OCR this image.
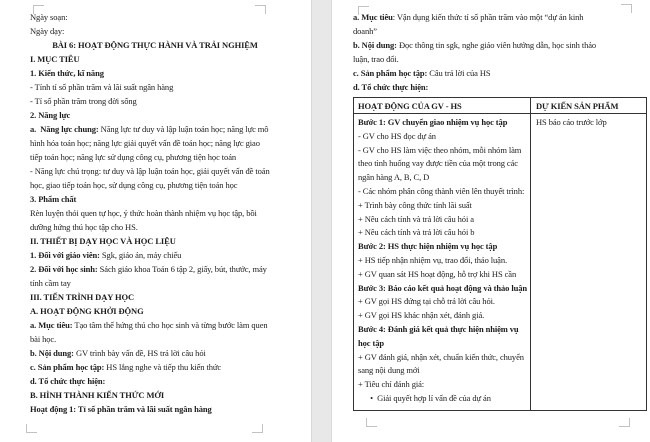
Ngày soạn:
Ngày dạy:
BÀI 6: HOẠT ĐỘNG THỰC HÀNH VÀ TRẢI NGHIỆM
I. MỤC TIÊU
1. Kiến thức, kĩ năng
- Tính tỉ số phần trăm và lãi suất ngân hàng
- Tỉ số phần trăm trong đời sống
2. Năng lực
a.  Năng lực chung: Năng lực tư duy và lập luận toán học; năng lực mô
hình hóa toán học; năng lực giải quyết vấn đề toán học; năng lực giao
tiếp toán học; năng lực sử dụng công cụ, phương tiện học toán
- Năng lực chú trọng: tư duy và lập luận toán học, giải quyết vấn đề toán
học, giao tiếp toán học, sử dụng công cụ, phương tiện toán học
3. Phẩm chất
Rèn luyện thói quen tự học, ý thức hoàn thành nhiệm vụ học tập, bồi
dưỡng hứng thú học tập cho HS.
II. THIẾT BỊ DẠY HỌC VÀ HỌC LIỆU
1. Đối với giáo viên: Sgk, giáo án, máy chiếu
2. Đối với học sinh: Sách giáo khoa Toán 6 tập 2, giấy, bút, thước, máy
tính cầm tay
III. TIẾN TRÌNH DẠY HỌC
A. HOẠT ĐỘNG KHỞI ĐỘNG
a. Mục tiêu: Tạo tâm thế hứng thú cho học sinh và từng bước làm quen
bài học.
b. Nội dung: GV trình bày vấn đề, HS trả lời câu hỏi
c. Sản phẩm học tập: HS lắng nghe và tiếp thu kiến thức
d. Tổ chức thực hiện:
B. HÌNH THÀNH KIẾN THỨC MỚI
Hoạt động 1: Tỉ số phần trăm và lãi suất ngân hàng
a. Mục tiêu: Vận dụng kiến thức tỉ số phần trăm vào một “dự án kinh
doanh”
b. Nội dung: Đọc thông tin sgk, nghe giáo viên hướng dẫn, học sinh thảo
luận, trao đổi.
c. Sản phẩm học tập: Câu trả lời của HS
d. Tổ chức thực hiện:
HOẠT ĐỘNG CỦA GV - HS	DỰ KIẾN SẢN PHẨM
Bước 1: GV chuyển giao nhiệm vụ học tập
- GV cho HS đọc dự án
- GV cho HS làm việc theo nhóm, mỗi nhóm làm
theo tình huống vay được tiền của một trong các
ngân hàng A, B, C, D
- Các nhóm phân công thành viên lên thuyết trình:
+ Trình bày công thức tính lãi suất
+ Nêu cách tính và trả lời câu hỏi a
+ Nêu cách tính và trả lời câu hỏi b
Bước 2: HS thực hiện nhiệm vụ học tập
+ HS tiếp nhận nhiệm vụ, trao đổi, thảo luận.
+ GV quan sát HS hoạt động, hỗ trợ khi HS cần
Bước 3: Báo cáo kết quả hoạt động và thảo luận
+ GV gọi HS đứng tại chỗ trả lời câu hỏi.
+ GV gọi HS khác nhận xét, đánh giá.
Bước 4: Đánh giá kết quả thực hiện nhiệm vụ
học tập
+ GV đánh giá, nhận xét, chuẩn kiến thức, chuyển
sang nội dung mới
+ Tiêu chí đánh giá:
•  Giải quyết hợp lí vấn đề của dự án
HS báo cáo trước lớp
